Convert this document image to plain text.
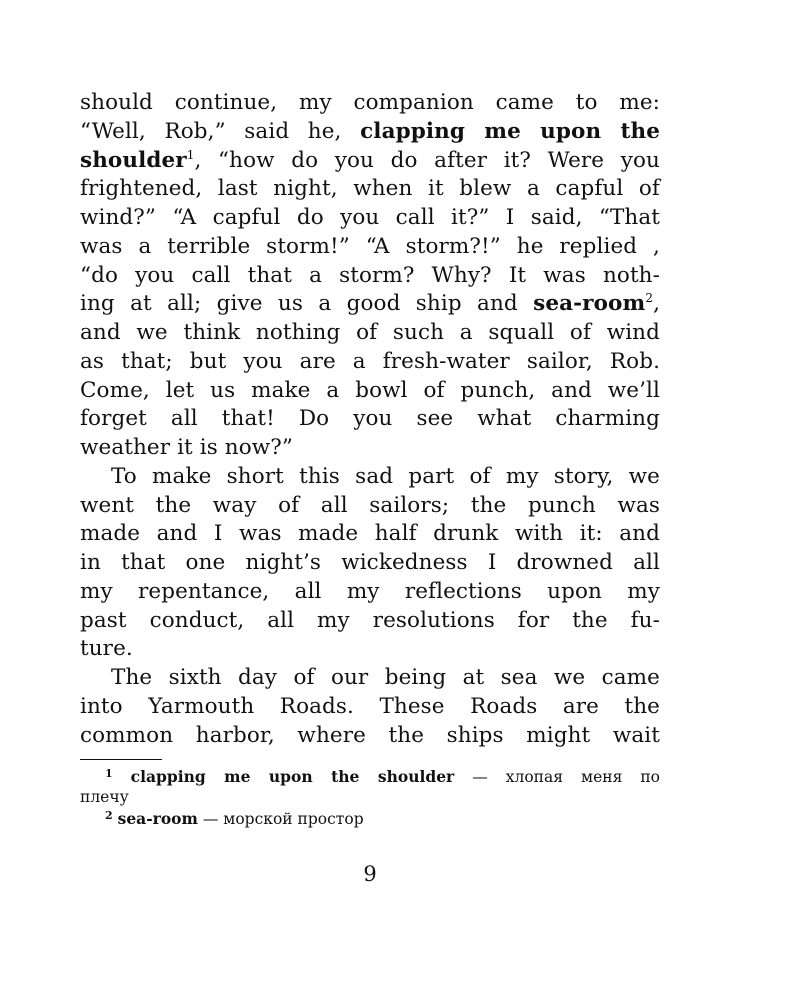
should continue, my companion came to me:
“Well, Rob,” said he, clapping me upon the
shoulder$^1$, “how do you do after it? Were you
frightened, last night, when it blew a capful of
wind?” “A capful do you call it?” I said, “That
was a terrible storm!” “A storm?!” he replied ,
“do you call that a storm? Why? It was noth-
ing at all; give us a good ship and sea-room$^2$,
and we think nothing of such a squall of wind
as that; but you are a fresh-water sailor, Rob.
Come, let us make a bowl of punch, and we’ll
forget all that! Do you see what charming
weather it is now?”
To make short this sad part of my story, we
went the way of all sailors; the punch was
made and I was made half drunk with it: and
in that one night’s wickedness I drowned all
my repentance, all my reflections upon my
past conduct, all my resolutions for the fu-
ture.
The sixth day of our being at sea we came
into Yarmouth Roads. These Roads are the
common harbor, where the ships might wait
$^1$ clapping me upon the shoulder — хлопая меня по
плечу
$^2$ sea-room — морской простор
9
